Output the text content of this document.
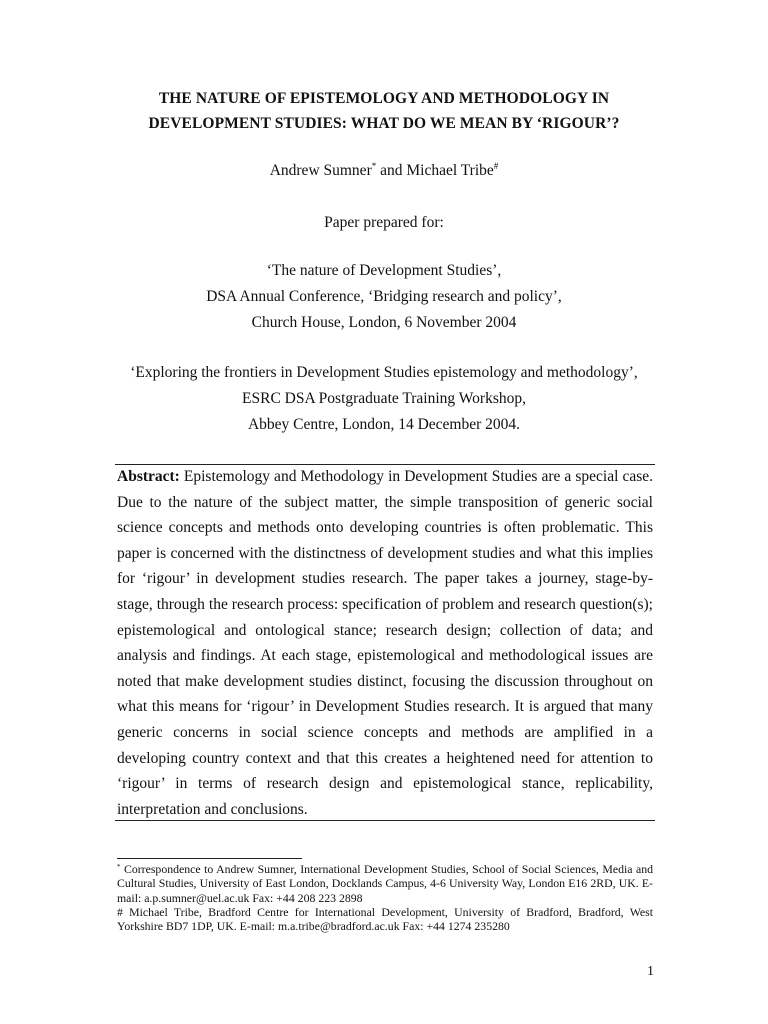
THE NATURE OF EPISTEMOLOGY AND METHODOLOGY IN
DEVELOPMENT STUDIES: WHAT DO WE MEAN BY ‘RIGOUR’?
Andrew Sumner* and Michael Tribe#
Paper prepared for:
‘The nature of Development Studies’,
DSA Annual Conference, ‘Bridging research and policy’,
Church House, London, 6 November 2004
‘Exploring the frontiers in Development Studies epistemology and methodology’,
ESRC DSA Postgraduate Training Workshop,
Abbey Centre, London, 14 December 2004.
Abstract: Epistemology and Methodology in Development Studies are a special case. Due to the nature of the subject matter, the simple transposition of generic social science concepts and methods onto developing countries is often problematic. This paper is concerned with the distinctness of development studies and what this implies for ‘rigour’ in development studies research. The paper takes a journey, stage-by-stage, through the research process: specification of problem and research question(s); epistemological and ontological stance; research design; collection of data; and analysis and findings. At each stage, epistemological and methodological issues are noted that make development studies distinct, focusing the discussion throughout on what this means for ‘rigour’ in Development Studies research. It is argued that many generic concerns in social science concepts and methods are amplified in a developing country context and that this creates a heightened need for attention to ‘rigour’ in terms of research design and epistemological stance, replicability, interpretation and conclusions.

* Correspondence to Andrew Sumner, International Development Studies, School of Social Sciences, Media and Cultural Studies, University of East London, Docklands Campus, 4-6 University Way, London E16 2RD, UK. E-mail: a.p.sumner@uel.ac.uk Fax: +44 208 223 2898

# Michael Tribe, Bradford Centre for International Development, University of Bradford, Bradford, West Yorkshire BD7 1DP, UK. E-mail: m.a.tribe@bradford.ac.uk Fax: +44 1274 235280

1
